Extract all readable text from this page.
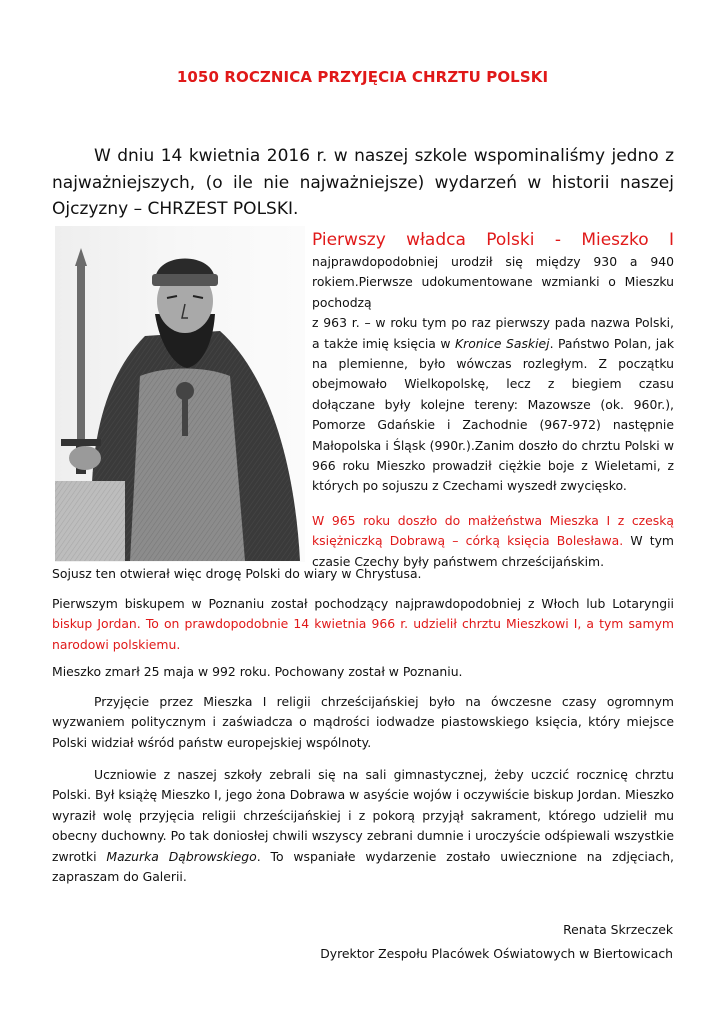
1050 ROCZNICA PRZYJĘCIA CHRZTU POLSKI

W dniu 14 kwietnia 2016 r. w naszej szkole wspominaliśmy jedno z najważniejszych, (o ile nie najważniejsze) wydarzeń w historii naszej Ojczyzny – CHRZEST POLSKI.

Pierwszy władca Polski - Mieszko I

najprawdopodobniej urodził się między 930 a 940 rokiem.Pierwsze udokumentowane wzmianki o Mieszku pochodzą
z 963 r. – w roku tym po raz pierwszy pada nazwa Polski, a także imię księcia w Kronice Saskiej. Państwo Polan, jak na plemienne, było wówczas rozległym. Z początku obejmowało Wielkopolskę, lecz z biegiem czasu dołączane były kolejne tereny: Mazowsze (ok. 960r.), Pomorze Gdańskie i Zachodnie (967-972) następnie Małopolska i Śląsk (990r.).Zanim doszło do chrztu Polski w 966 roku Mieszko prowadził ciężkie boje z Wieletami, z których po sojuszu z Czechami wyszedł zwycięsko.

W 965 roku doszło do małżeństwa Mieszka I z czeską księżniczką Dobrawą – córką księcia Bolesława. W tym czasie Czechy były państwem chrześcijańskim.

Sojusz ten otwierał więc drogę Polski do wiary w Chrystusa.

Pierwszym biskupem w Poznaniu został pochodzący najprawdopodobniej z Włoch lub Lotaryngii biskup Jordan. To on prawdopodobnie 14 kwietnia 966 r. udzielił chrztu Mieszkowi I, a tym samym narodowi polskiemu.

Mieszko zmarł 25 maja w 992 roku. Pochowany został w Poznaniu.

Przyjęcie przez Mieszka I religii chrześcijańskiej było na ówczesne czasy ogromnym wyzwaniem politycznym i zaświadcza o mądrości iodwadze piastowskiego księcia, który miejsce Polski widział wśród państw europejskiej wspólnoty.

Uczniowie z naszej szkoły zebrali się na sali gimnastycznej, żeby uczcić rocznicę chrztu Polski. Był książę Mieszko I, jego żona Dobrawa w asyście wojów i oczywiście biskup Jordan. Mieszko wyraził wolę przyjęcia religii chrześcijańskiej i z pokorą przyjął sakrament, którego udzielił mu obecny duchowny. Po tak doniosłej chwili wszyscy zebrani dumnie i uroczyście odśpiewali wszystkie zwrotki Mazurka Dąbrowskiego. To wspaniałe wydarzenie zostało uwiecznione na zdjęciach, zapraszam do Galerii.

Renata Skrzeczek

Dyrektor Zespołu Placówek Oświatowych w Biertowicach
